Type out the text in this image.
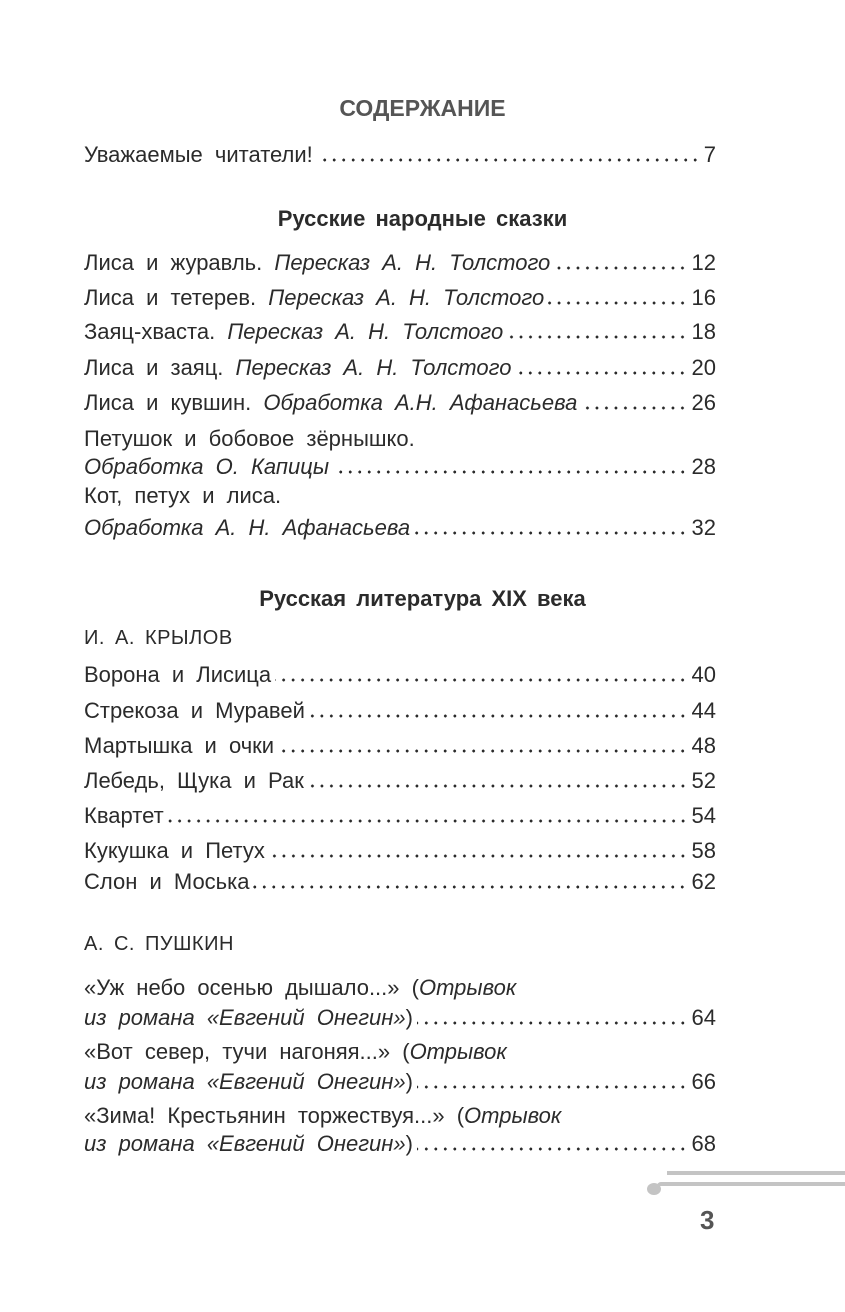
СОДЕРЖАНИЕ
Уважаемые читатели!	7
Русские народные сказки
Лиса и журавль. Пересказ А. Н. Толстого	12
Лиса и тетерев. Пересказ А. Н. Толстого	16
Заяц-хваста. Пересказ А. Н. Толстого	18
Лиса и заяц. Пересказ А. Н. Толстого	20
Лиса и кувшин. Обработка А.Н. Афанасьева	26
Петушок и бобовое зёрнышко.
Обработка О. Капицы	28
Кот, петух и лиса.
Обработка А. Н. Афанасьева	32
Русская литература XIX века
И. А. КРЫЛОВ
Ворона и Лисица	40
Стрекоза и Муравей	44
Мартышка и очки	48
Лебедь, Щука и Рак	52
Квартет	54
Кукушка и Петух	58
Слон и Моська	62
А. С. ПУШКИН
«Уж небо осенью дышало...» (Отрывок
из романа «Евгений Онегин»)	64
«Вот север, тучи нагоняя...» (Отрывок
из романа «Евгений Онегин»)	66
«Зима! Крестьянин торжествуя...» (Отрывок
из романа «Евгений Онегин»)	68
3
